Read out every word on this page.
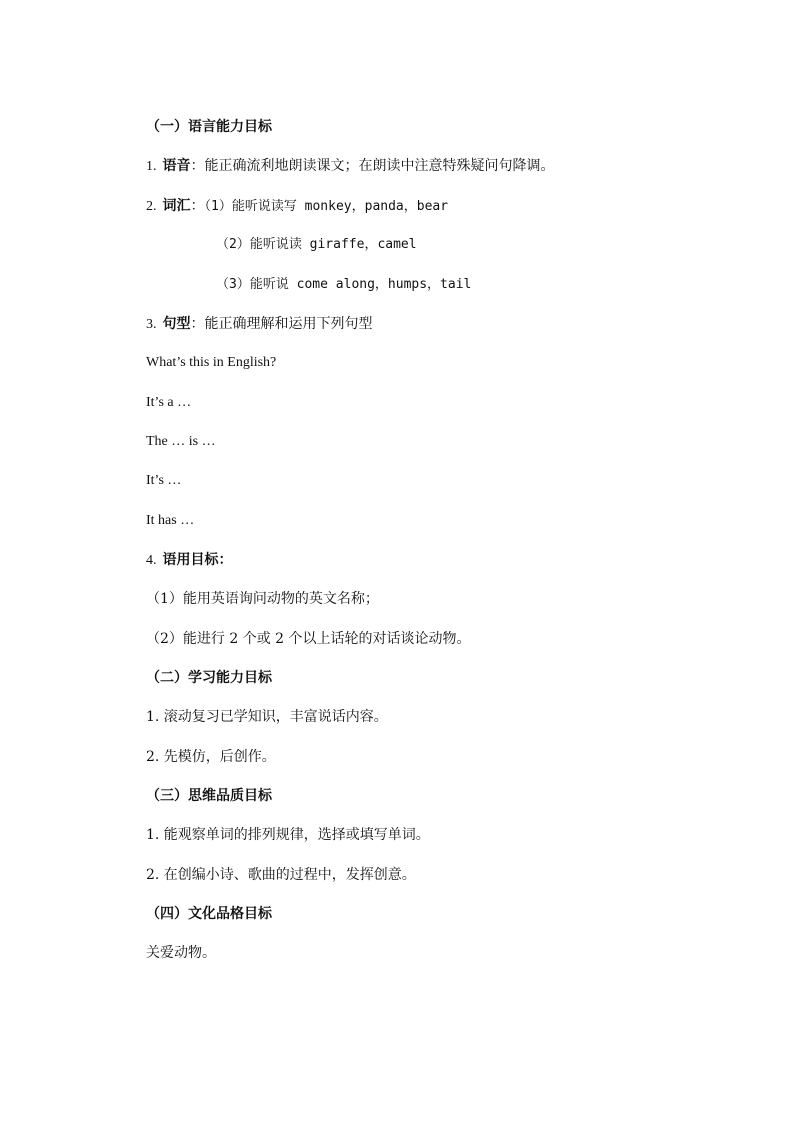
（一）语言能力目标
1. 语音：能正确流利地朗读课文；在朗读中注意特殊疑问句降调。
2. 词汇：（1）能听说读写 monkey，panda，bear
（2）能听说读 giraffe，camel
（3）能听说 come along，humps，tail
3. 句型：能正确理解和运用下列句型
What’s this in English?
It’s a …
The … is …
It’s …
It has …
4. 语用目标：
（1）能用英语询问动物的英文名称；
（2）能进行 2 个或 2 个以上话轮的对话谈论动物。
（二）学习能力目标
1. 滚动复习已学知识，丰富说话内容。
2. 先模仿，后创作。
（三）思维品质目标
1. 能观察单词的排列规律，选择或填写单词。
2. 在创编小诗、歌曲的过程中，发挥创意。
（四）文化品格目标
关爱动物。
